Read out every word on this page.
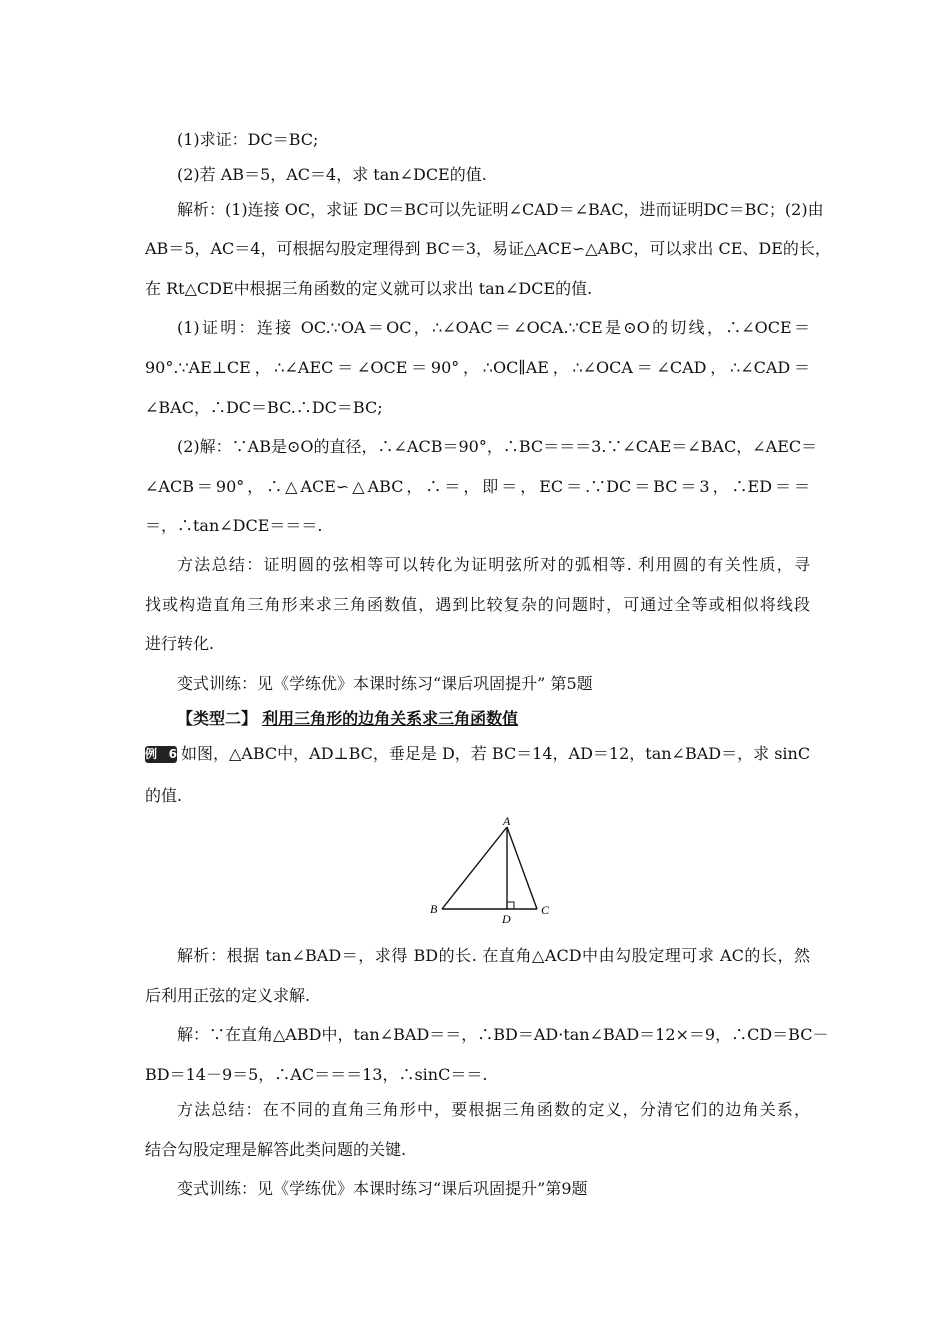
(1)求证：DC＝BC;
(2)若 AB＝5，AC＝4，求 tan∠DCE的值.
解析：(1)连接 OC，求证 DC＝BC可以先证明∠CAD＝∠BAC，进而证明DC＝BC；(2)由
AB＝5，AC＝4，可根据勾股定理得到 BC＝3，易证△ACE∽△ABC，可以求出 CE、DE的长，
在 Rt△CDE中根据三角函数的定义就可以求出 tan∠DCE的值.
(1)证明：连接 OC.∵OA＝OC，∴∠OAC＝∠OCA.∵CE是⊙O的切线，∴∠OCE＝
90°.∵AE⊥CE，∴∠AEC＝∠OCE＝90°，∴OC∥AE，∴∠OCA＝∠CAD，∴∠CAD＝
∠BAC，∴DC＝BC.∴DC＝BC;
(2)解：∵AB是⊙O的直径，∴∠ACB＝90°，∴BC＝＝＝3.∵∠CAE＝∠BAC，∠AEC＝
∠ACB＝90°，∴△ACE∽△ABC，∴＝，即＝，EC＝.∵DC＝BC＝3，∴ED＝＝
＝，∴tan∠DCE＝＝＝.
方法总结：证明圆的弦相等可以转化为证明弦所对的弧相等. 利用圆的有关性质，寻
找或构造直角三角形来求三角函数值，遇到比较复杂的问题时，可通过全等或相似将线段
进行转化.
变式训练：见《学练优》本课时练习“课后巩固提升” 第5题
【类型二】 利用三角形的边角关系求三角函数值
例6 如图，△ABC中，AD⊥BC，垂足是 D，若 BC＝14，AD＝12，tan∠BAD＝，求 sinC
的值.
A
B	C
D
解析：根据 tan∠BAD＝，求得 BD的长. 在直角△ACD中由勾股定理可求 AC的长，然
后利用正弦的定义求解.
解：∵在直角△ABD中，tan∠BAD＝＝，∴BD＝AD·tan∠BAD＝12×＝9，∴CD＝BC－
BD＝14－9＝5，∴AC＝＝＝13，∴sinC＝＝.
方法总结：在不同的直角三角形中，要根据三角函数的定义，分清它们的边角关系，
结合勾股定理是解答此类问题的关键.
变式训练：见《学练优》本课时练习“课后巩固提升”第9题
